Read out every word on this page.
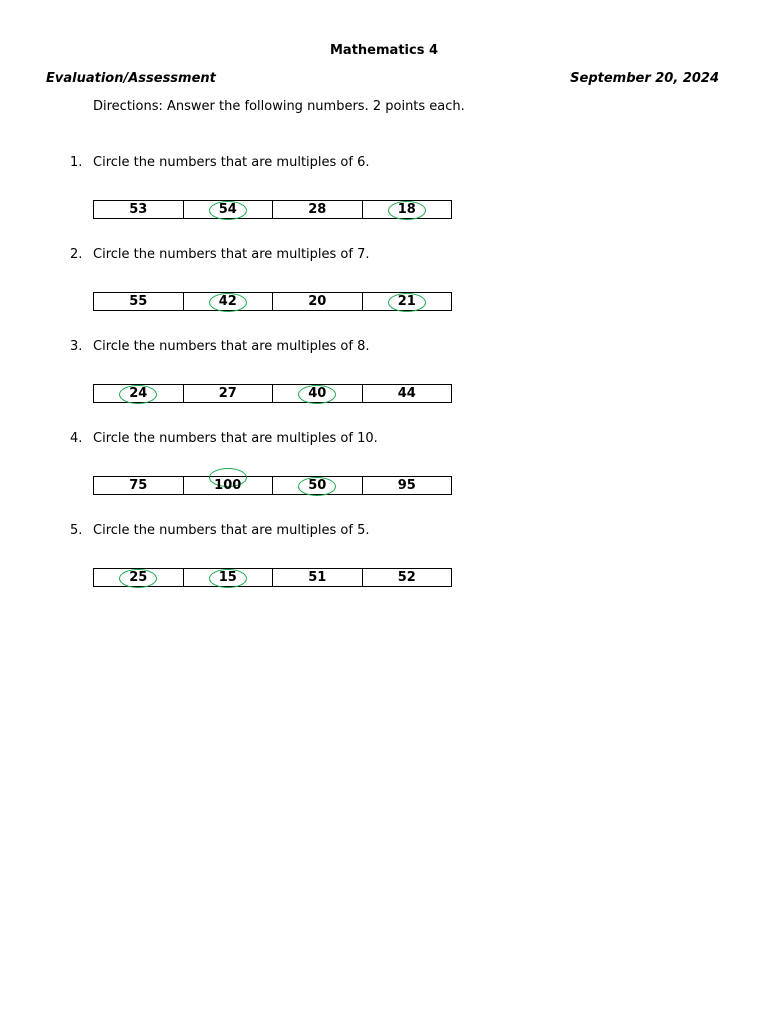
Mathematics 4
Evaluation/Assessment	September 20, 2024
Directions: Answer the following numbers. 2 points each.
1. Circle the numbers that are multiples of 6.
53	54	28	18
2. Circle the numbers that are multiples of 7.
55	42	20	21
3. Circle the numbers that are multiples of 8.
24	27	40	44
4. Circle the numbers that are multiples of 10.
75	100	50	95
5. Circle the numbers that are multiples of 5.
25	15	51	52
